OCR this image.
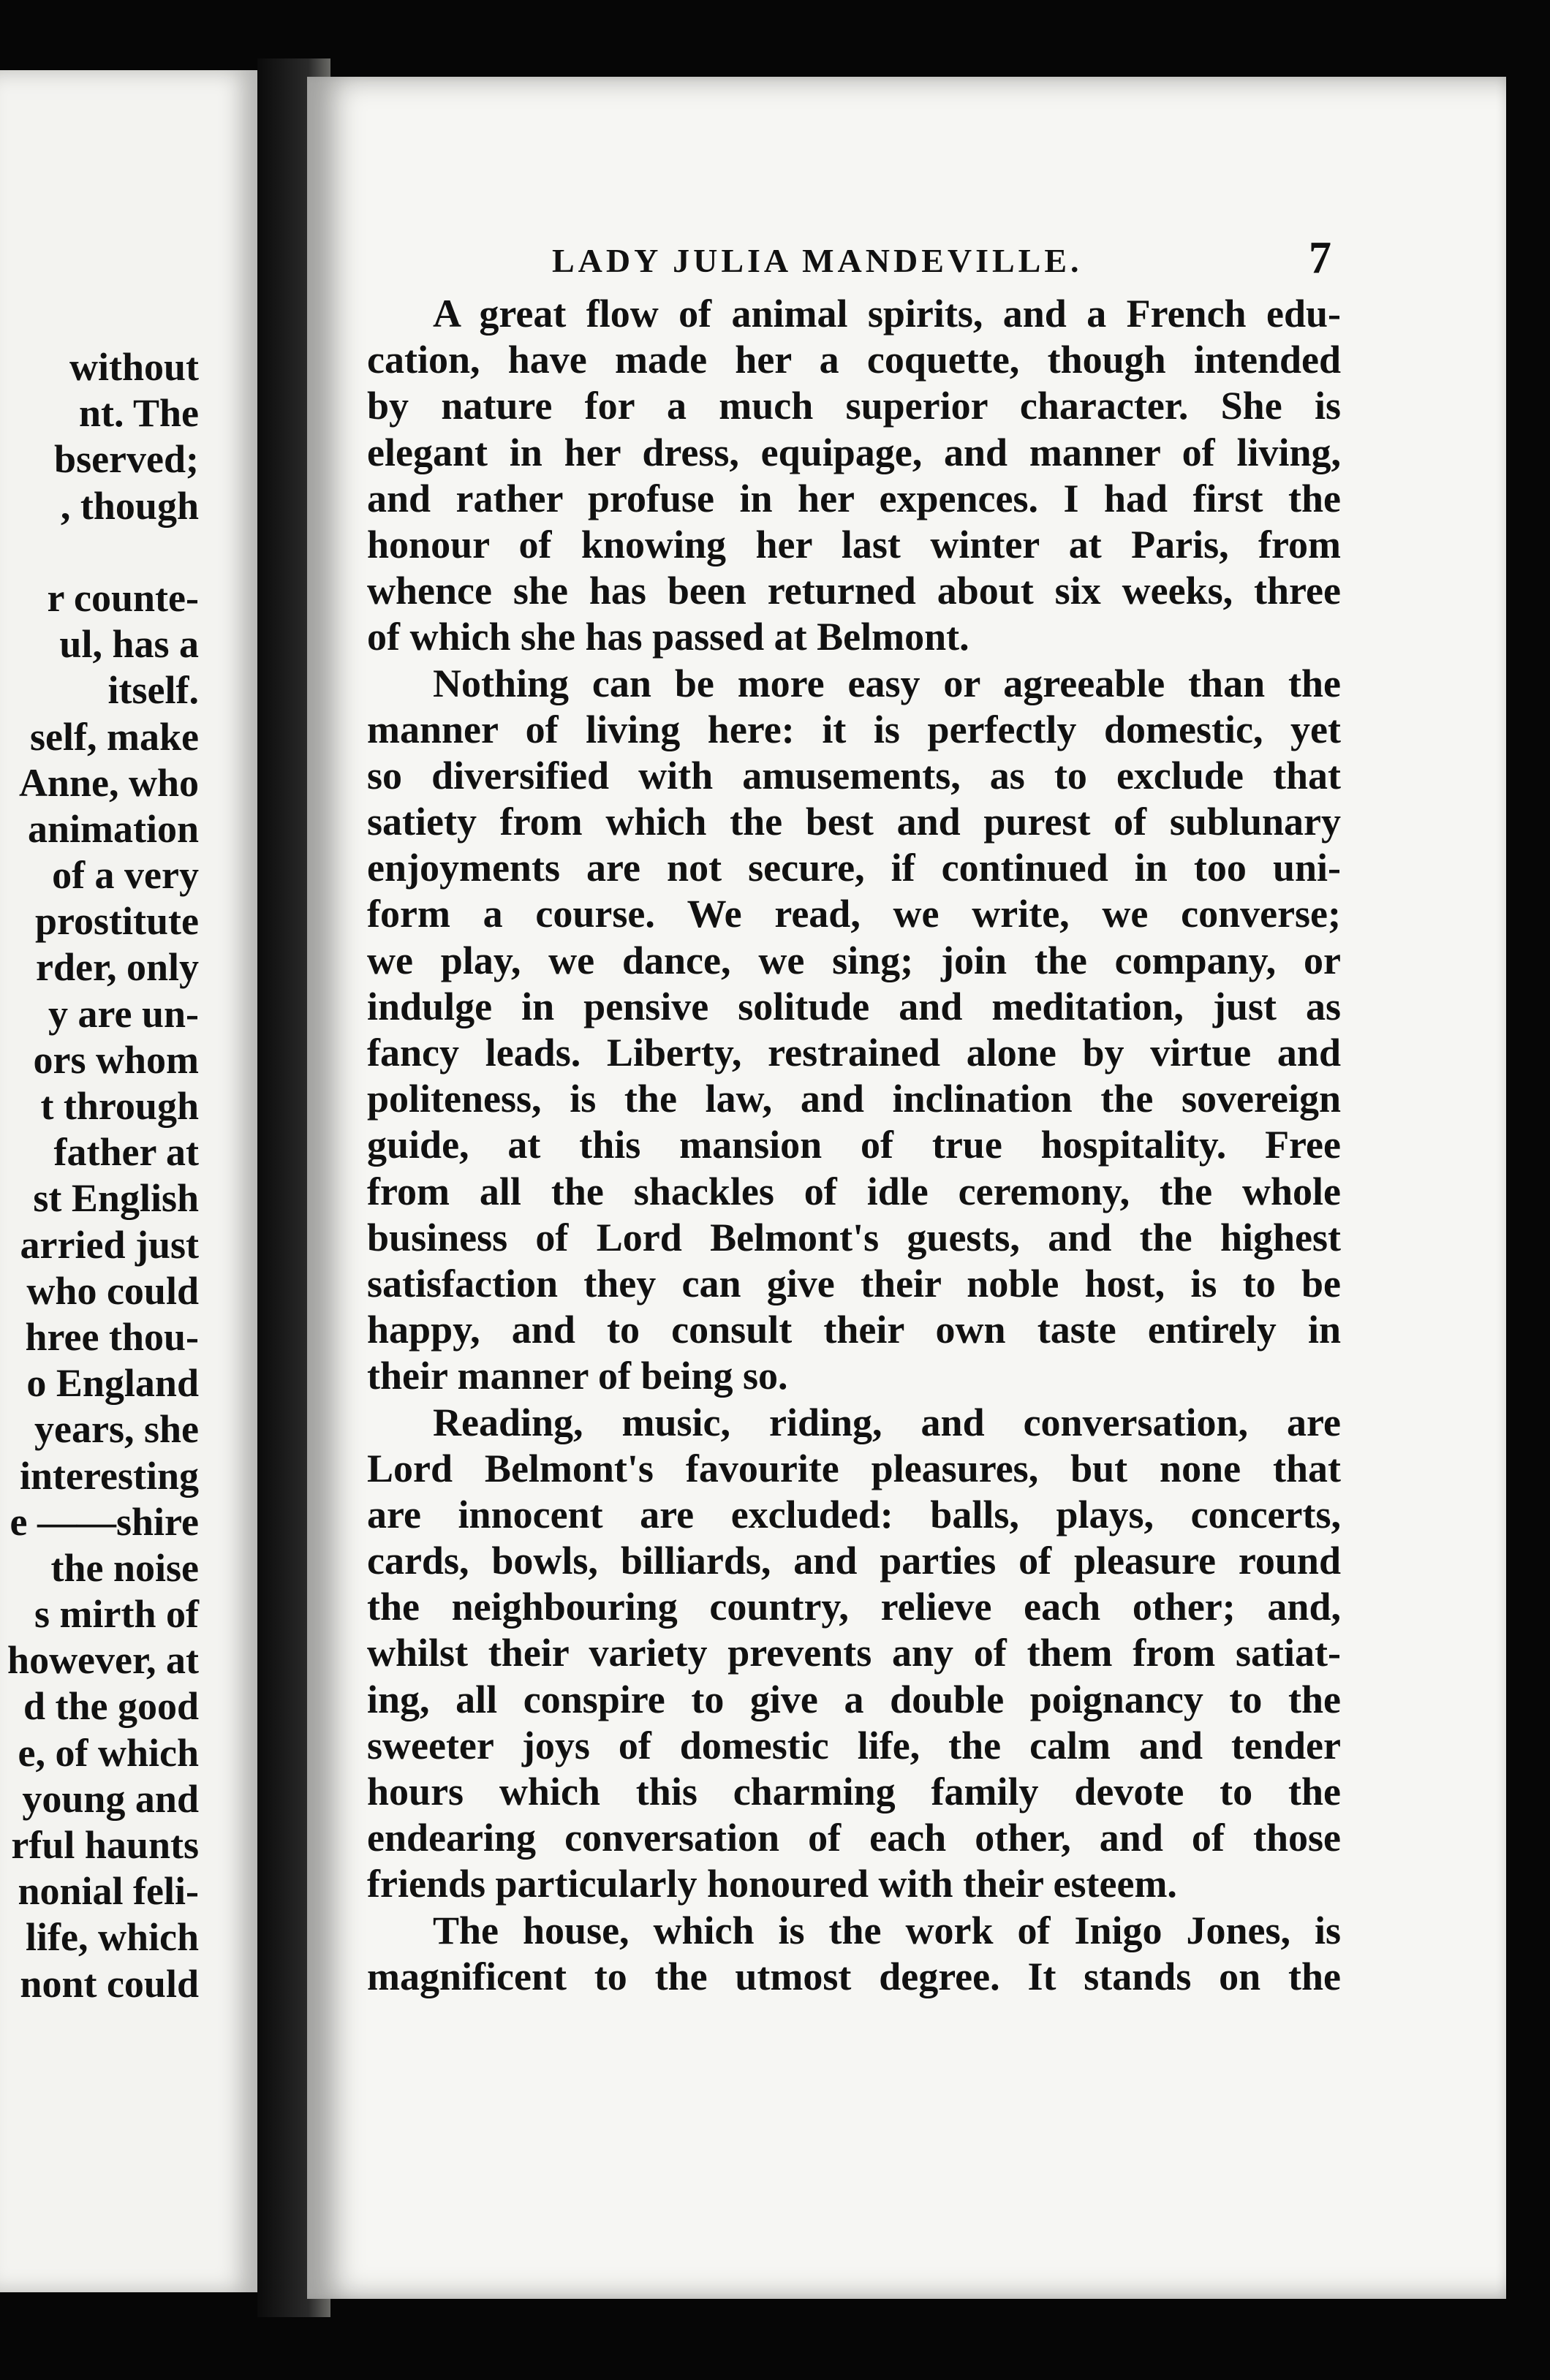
without
nt. The
bserved;
, though
r counte-
ul, has a
itself.
self, make
Anne, who
animation
of a very
prostitute
rder, only
y are un-
ors whom
t through
father at
st English
arried just
who could
hree thou-
o England
years, she
interesting
e ——shire
the noise
s mirth of
however, at
d the good
e, of which
young and
rful haunts
nonial feli-
life, which
nont could
LADY JULIA MANDEVILLE.	7
A great flow of animal spirits, and a French edu-
cation, have made her a coquette, though intended
by nature for a much superior character. She is
elegant in her dress, equipage, and manner of living,
and rather profuse in her expences. I had first the
honour of knowing her last winter at Paris, from
whence she has been returned about six weeks, three
of which she has passed at Belmont.
Nothing can be more easy or agreeable than the
manner of living here: it is perfectly domestic, yet
so diversified with amusements, as to exclude that
satiety from which the best and purest of sublunary
enjoyments are not secure, if continued in too uni-
form a course. We read, we write, we converse;
we play, we dance, we sing; join the company, or
indulge in pensive solitude and meditation, just as
fancy leads. Liberty, restrained alone by virtue and
politeness, is the law, and inclination the sovereign
guide, at this mansion of true hospitality. Free
from all the shackles of idle ceremony, the whole
business of Lord Belmont's guests, and the highest
satisfaction they can give their noble host, is to be
happy, and to consult their own taste entirely in
their manner of being so.
Reading, music, riding, and conversation, are
Lord Belmont's favourite pleasures, but none that
are innocent are excluded: balls, plays, concerts,
cards, bowls, billiards, and parties of pleasure round
the neighbouring country, relieve each other; and,
whilst their variety prevents any of them from satiat-
ing, all conspire to give a double poignancy to the
sweeter joys of domestic life, the calm and tender
hours which this charming family devote to the
endearing conversation of each other, and of those
friends particularly honoured with their esteem.
The house, which is the work of Inigo Jones, is
magnificent to the utmost degree. It stands on the
